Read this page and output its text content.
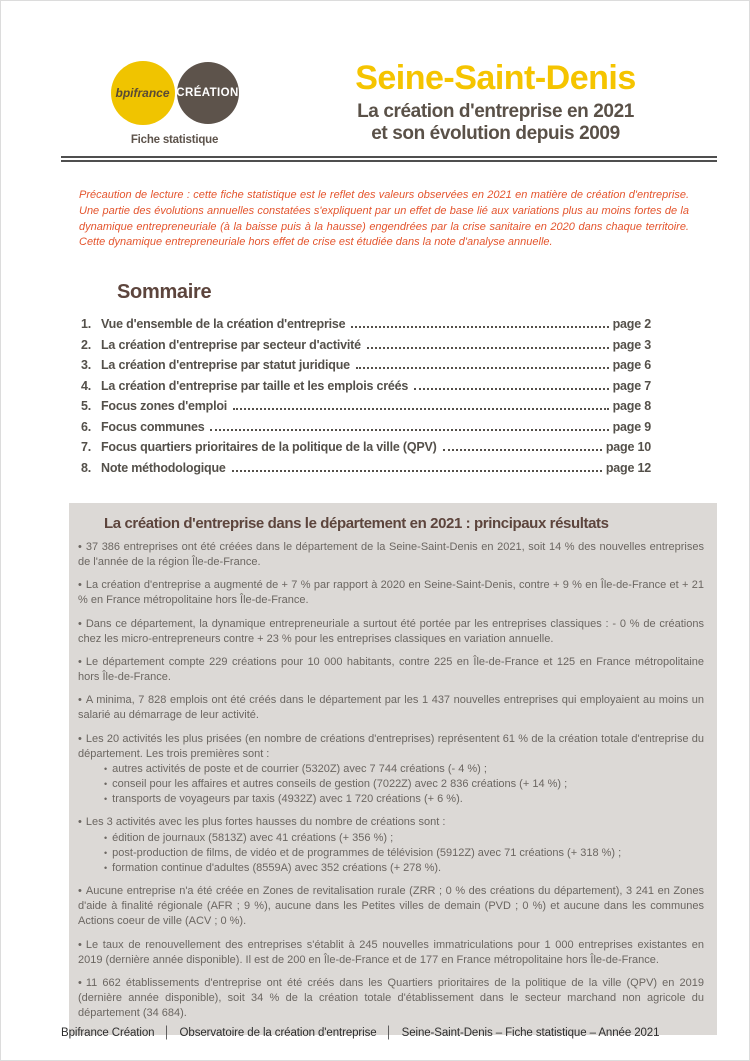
bpifrance CRÉATION
Fiche statistique
Seine-Saint-Denis
La création d'entreprise en 2021
et son évolution depuis 2009

Précaution de lecture : cette fiche statistique est le reflet des valeurs observées en 2021 en matière de création d'entreprise. Une partie des évolutions annuelles constatées s'expliquent par un effet de base lié aux variations plus au moins fortes de la dynamique entrepreneuriale (à la baisse puis à la hausse) engendrées par la crise sanitaire en 2020 dans chaque territoire. Cette dynamique entrepreneuriale hors effet de crise est étudiée dans la note d'analyse annuelle.

Sommaire
1. Vue d'ensemble de la création d'entreprise	page 2
2. La création d'entreprise par secteur d'activité	page 3
3. La création d'entreprise par statut juridique	page 6
4. La création d'entreprise par taille et les emplois créés	page 7
5. Focus zones d'emploi	page 8
6. Focus communes	page 9
7. Focus quartiers prioritaires de la politique de la ville (QPV)	page 10
8. Note méthodologique	page 12
La création d'entreprise dans le département en 2021 : principaux résultats

• 37 386 entreprises ont été créées dans le département de la Seine-Saint-Denis en 2021, soit 14 % des nouvelles entreprises de l'année de la région Île-de-France.

• La création d'entreprise a augmenté de + 7 % par rapport à 2020 en Seine-Saint-Denis, contre + 9 % en Île-de-France et + 21 % en France métropolitaine hors Île-de-France.

• Dans ce département, la dynamique entrepreneuriale a surtout été portée par les entreprises classiques : - 0 % de créations chez les micro-entrepreneurs contre + 23 % pour les entreprises classiques en variation annuelle.

• Le département compte 229 créations pour 10 000 habitants, contre 225 en Île-de-France et 125 en France métropolitaine hors Île-de-France.

• A minima, 7 828 emplois ont été créés dans le département par les 1 437 nouvelles entreprises qui employaient au moins un salarié au démarrage de leur activité.

• Les 20 activités les plus prisées (en nombre de créations d'entreprises) représentent 61 % de la création totale d'entreprise du département. Les trois premières sont :

• autres activités de poste et de courrier (5320Z) avec 7 744 créations (- 4 %) ;

• conseil pour les affaires et autres conseils de gestion (7022Z) avec 2 836 créations (+ 14 %) ;

• transports de voyageurs par taxis (4932Z) avec 1 720 créations (+ 6 %).

• Les 3 activités avec les plus fortes hausses du nombre de créations sont :

• édition de journaux (5813Z) avec 41 créations (+ 356 %) ;

• post-production de films, de vidéo et de programmes de télévision (5912Z) avec 71 créations (+ 318 %) ;

• formation continue d'adultes (8559A) avec 352 créations (+ 278 %).

• Aucune entreprise n'a été créée en Zones de revitalisation rurale (ZRR ; 0 % des créations du département), 3 241 en Zones d'aide à finalité régionale (AFR ; 9 %), aucune dans les Petites villes de demain (PVD ; 0 %) et aucune dans les communes Actions coeur de ville (ACV ; 0 %).

• Le taux de renouvellement des entreprises s'établit à 245 nouvelles immatriculations pour 1 000 entreprises existantes en 2019 (dernière année disponible). Il est de 200 en Île-de-France et de 177 en France métropolitaine hors Île-de-France.

• 11 662 établissements d'entreprise ont été créés dans les Quartiers prioritaires de la politique de la ville (QPV) en 2019 (dernière année disponible), soit 34 % de la création totale d'établissement dans le secteur marchand non agricole du département (34 684).

Bpifrance Création │ Observatoire de la création d'entreprise │ Seine-Saint-Denis – Fiche statistique – Année 2021
